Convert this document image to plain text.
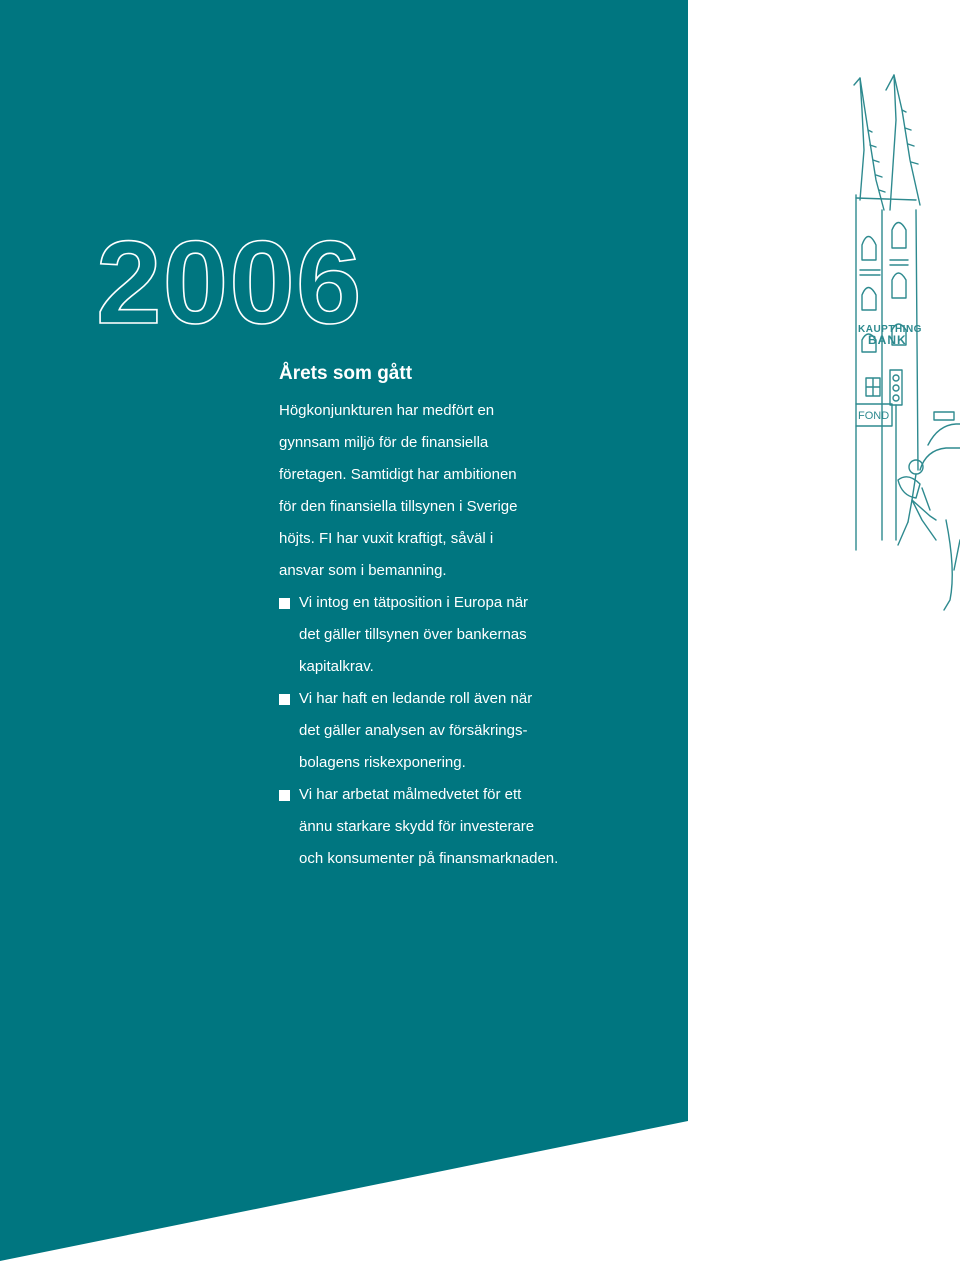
2006
Årets som gått

Högkonjunkturen har medfört en
gynnsam miljö för de finansiella
företagen. Samtidigt har ambitionen
för den finansiella tillsynen i Sverige
höjts. FI har vuxit kraftigt, såväl i
ansvar som i bemanning.

Vi intog en tätposition i Europa när
det gäller tillsynen över bankernas
kapitalkrav.
Vi har haft en ledande roll även när
det gäller analysen av försäkrings-
bolagens riskexponering.
Vi har arbetat målmedvetet för ett
ännu starkare skydd för investerare
och konsumenter på finansmarknaden.
KAUPTHING
BANK
FOND
